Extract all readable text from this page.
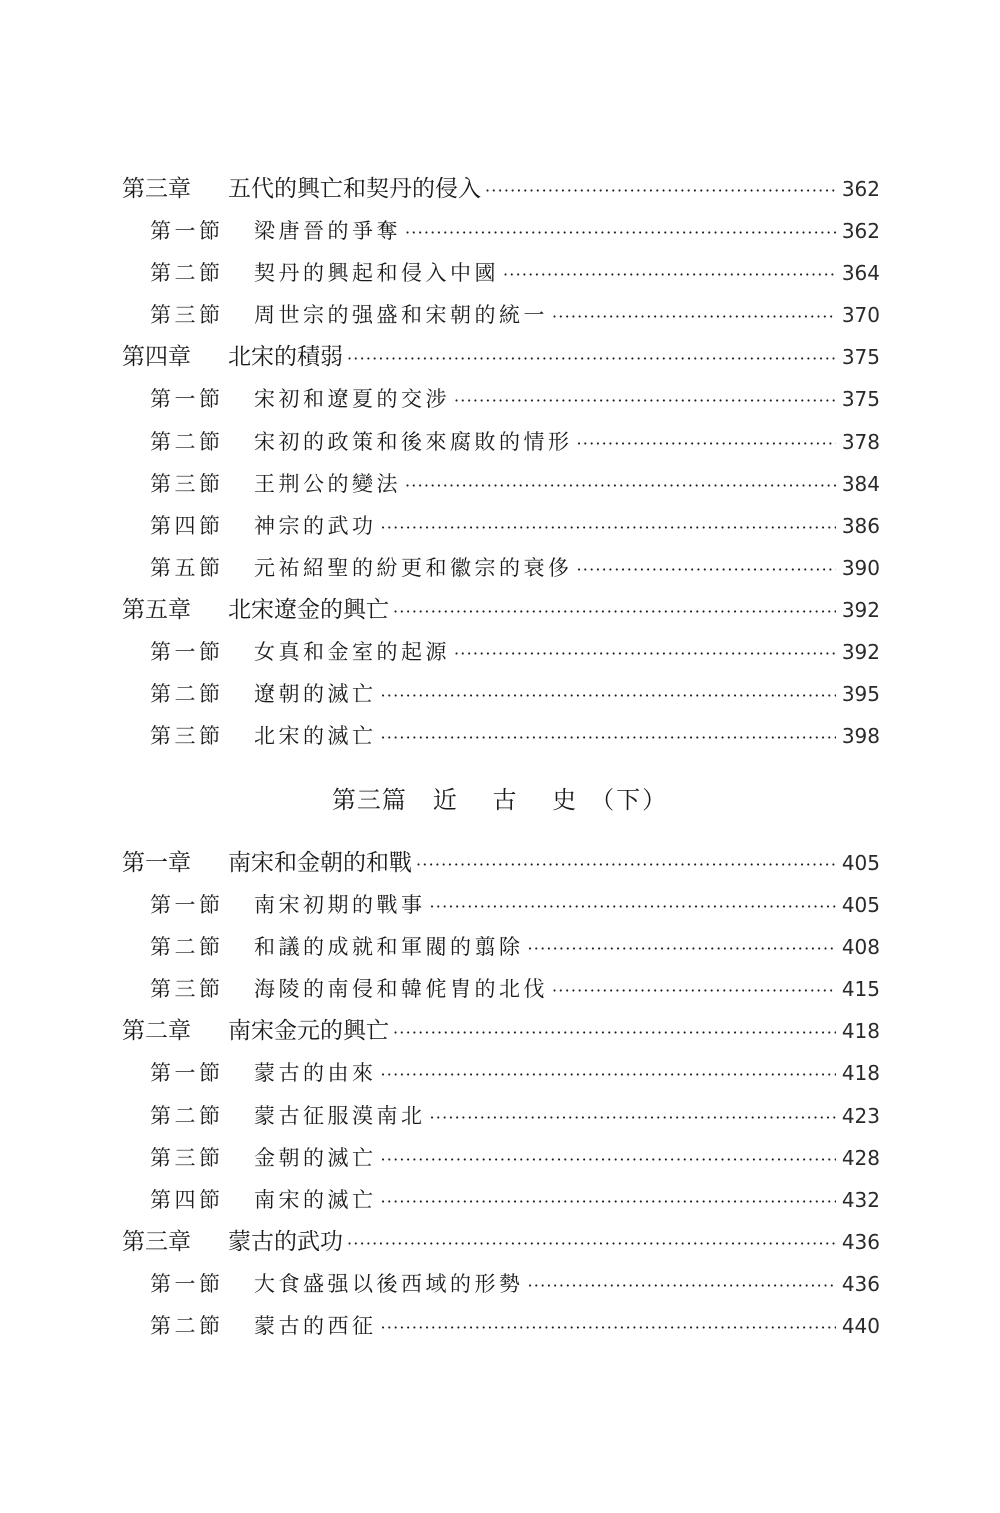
第三章	五代的興亡和契丹的侵入 ·····	362
第一節	梁唐晉的爭奪 ·····	362
第二節	契丹的興起和侵入中國 ·····	364
第三節	周世宗的强盛和宋朝的統一 ·····	370
第四章	北宋的積弱 ·····	375
第一節	宋初和遼夏的交涉 ·····	375
第二節	宋初的政策和後來腐敗的情形 ·····	378
第三節	王荆公的變法 ·····	384
第四節	神宗的武功 ·····	386
第五節	元祐紹聖的紛更和徽宗的衰侈 ·····	390
第五章	北宋遼金的興亡 ·····	392
第一節	女真和金室的起源 ·····	392
第二節	遼朝的滅亡 ·····	395
第三節	北宋的滅亡 ·····	398
第三篇 近 古 史（下）
第一章	南宋和金朝的和戰 ·····	405
第一節	南宋初期的戰事 ·····	405
第二節	和議的成就和軍閥的翦除 ·····	408
第三節	海陵的南侵和韓侂胄的北伐 ·····	415
第二章	南宋金元的興亡 ·····	418
第一節	蒙古的由來 ·····	418
第二節	蒙古征服漠南北 ·····	423
第三節	金朝的滅亡 ·····	428
第四節	南宋的滅亡 ·····	432
第三章	蒙古的武功 ·····	436
第一節	大食盛强以後西域的形勢 ·····	436
第二節	蒙古的西征 ·····	440
